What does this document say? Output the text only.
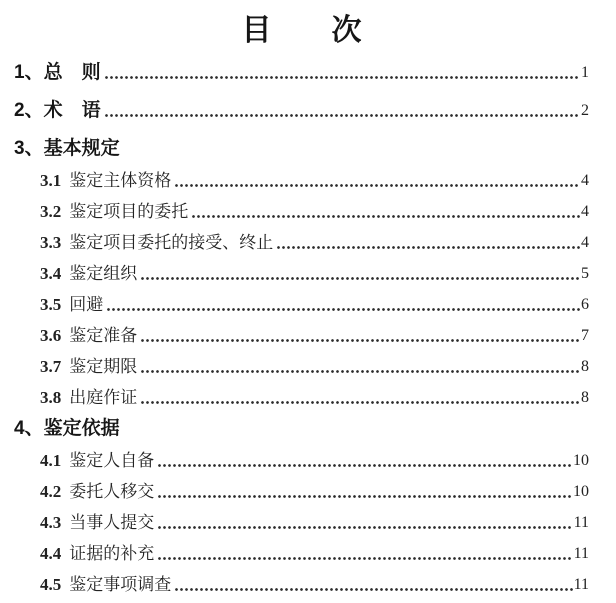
目　　次
1、 总　则	1
2、 术　语	2
3、 基本规定
3.1 鉴定主体资格	4
3.2 鉴定项目的委托	4
3.3 鉴定项目委托的接受、终止	4
3.4 鉴定组织	5
3.5 回避	6
3.6 鉴定准备	7
3.7 鉴定期限	8
3.8 出庭作证	8
4、 鉴定依据
4.1 鉴定人自备	10
4.2 委托人移交	10
4.3 当事人提交	11
4.4 证据的补充	11
4.5 鉴定事项调查	11
